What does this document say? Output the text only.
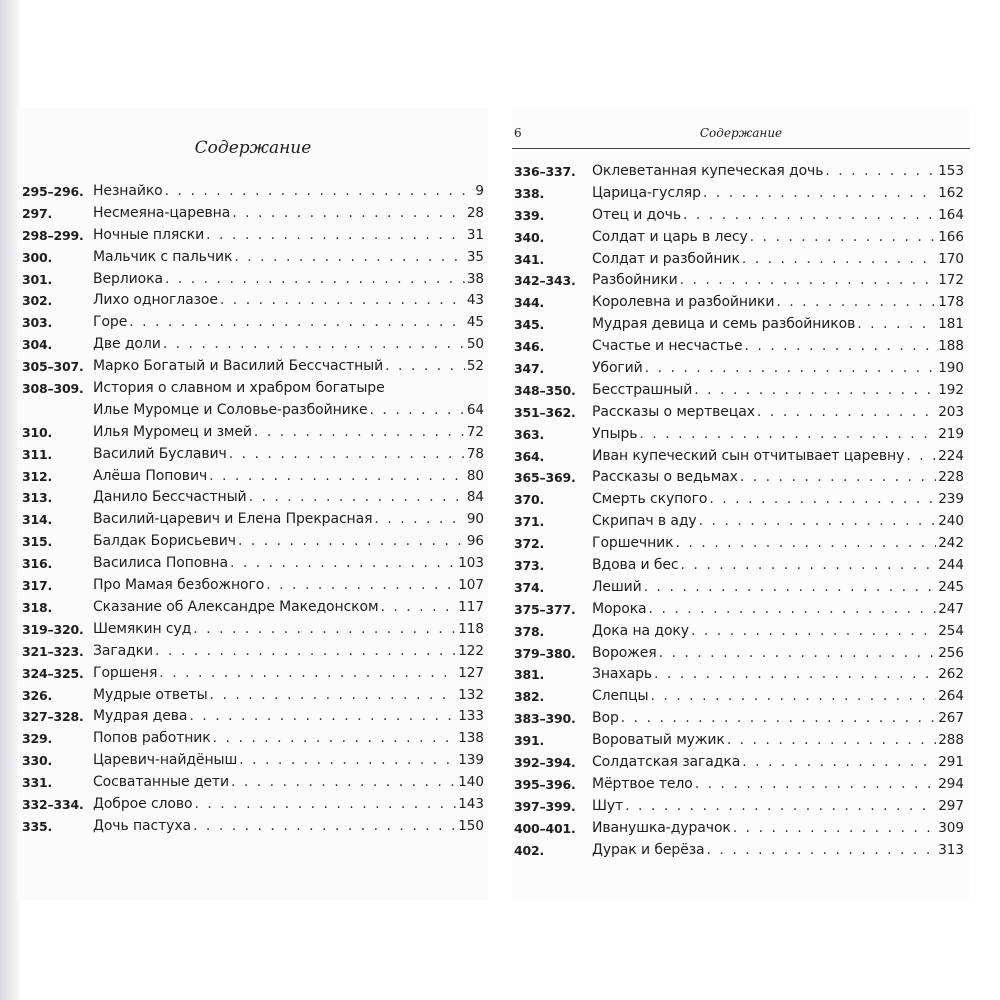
Содержание
295–296. Незнайко . . .	9
297.	Несмеяна-царевна . . .	28
298–299. Ночные пляски . . .	31
300.	Мальчик с пальчик . . .	35
301.	Верлиока . . .	38
302.	Лихо одноглазое . . .	43
303.	Горе . . .	45
304.	Две доли . . .	50
305–307. Марко Богатый и Василий Бессчастный . . .	52
308–309. История о славном и храбром богатыре
Илье Муромце и Соловье-разбойнике . . .	64
310.	Илья Муромец и змей . . .	72
311.	Василий Буславич . . .	78
312.	Алёша Попович . . .	80
313.	Данило Бессчастный . . .	84
314.	Василий-царевич и Елена Прекрасная . . .	90
315.	Балдак Борисьевич . . .	96
316.	Василиса Поповна . . .	103
317.	Про Мамая безбожного . . .	107
318.	Сказание об Александре Македонском . . .	117
319–320. Шемякин суд . . .	118
321–323. Загадки . . .	122
324–325. Горшеня . . .	127
326.	Мудрые ответы . . .	132
327–328. Мудрая дева . . .	133
329.	Попов работник . . .	138
330.	Царевич-найдёныш . . .	139
331.	Сосватанные дети . . .	140
332–334. Доброе слово . . .	143
335.	Дочь пастуха . . .	150
6	Содержание
336–337. Оклеветанная купеческая дочь . . .	153
338.	Царица-гусляр . . .	162
339.	Отец и дочь . . .	164
340.	Солдат и царь в лесу . . .	166
341.	Солдат и разбойник . . .	170
342–343. Разбойники . . .	172
344.	Королевна и разбойники . . .	178
345.	Мудрая девица и семь разбойников . . .	181
346.	Счастье и несчастье . . .	188
347.	Убогий . . .	190
348–350. Бесстрашный . . .	192
351–362. Рассказы о мертвецах . . .	203
363.	Упырь . . .	219
364.	Иван купеческий сын отчитывает царевну . . .	224
365–369. Рассказы о ведьмах . . .	228
370.	Смерть скупого . . .	239
371.	Скрипач в аду . . .	240
372.	Горшечник . . .	242
373.	Вдова и бес . . .	244
374.	Леший . . .	245
375–377. Морока . . .	247
378.	Дока на доку . . .	254
379–380. Ворожея . . .	256
381.	Знахарь . . .	262
382.	Слепцы . . .	264
383–390. Вор . . .	267
391.	Вороватый мужик . . .	288
392–394. Солдатская загадка . . .	291
395–396. Мёртвое тело . . .	294
397–399. Шут . . .	297
400–401. Иванушка-дурачок . . .	309
402.	Дурак и берёза . . .	313
